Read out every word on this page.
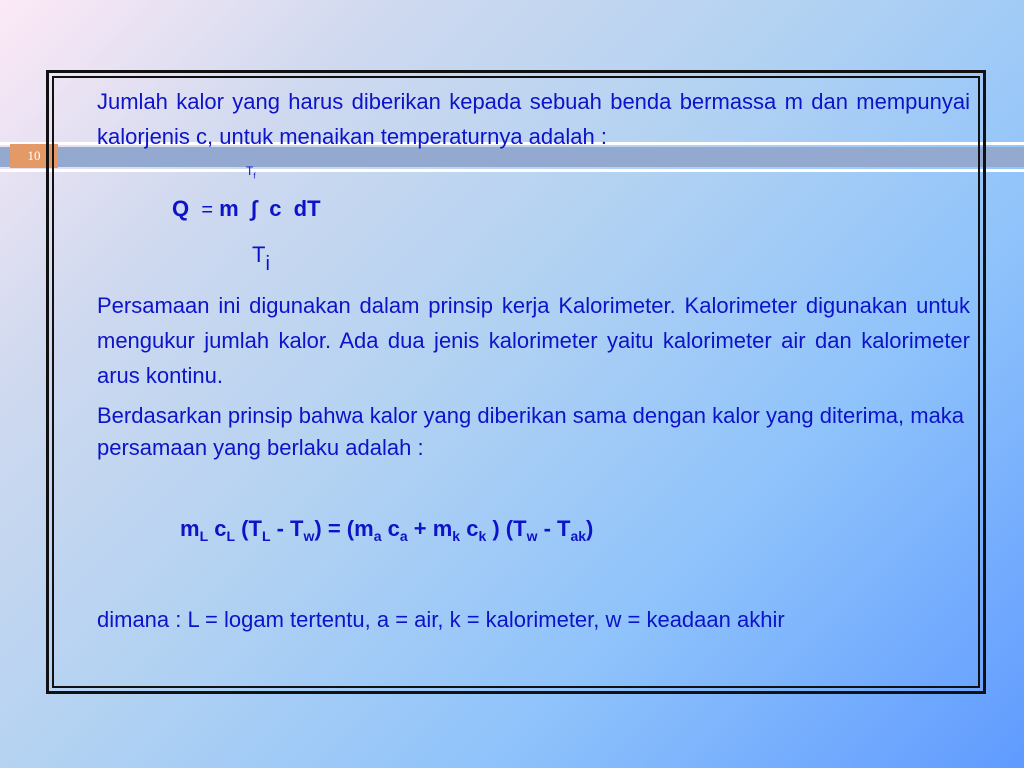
10
Jumlah kalor yang harus diberikan kepada sebuah benda bermassa m dan mempunyai kalorjenis c, untuk menaikan temperaturnya adalah :
$T_f$
Q = m  ∫  c  dT
$T_i$
Persamaan ini digunakan dalam prinsip kerja Kalorimeter. Kalorimeter digunakan untuk mengukur jumlah kalor. Ada dua jenis kalorimeter yaitu kalorimeter air dan kalorimeter arus kontinu.
Berdasarkan prinsip bahwa kalor yang diberikan sama dengan kalor yang diterima, maka persamaan yang berlaku adalah :
$m_L$ $c_L$ $(T_L - T_w) = (m_a$ $c_a + m_k$ $c_k$ ) $(T_w - T_{ak})$
dimana : L = logam tertentu, a = air, k = kalorimeter, w = keadaan akhir
